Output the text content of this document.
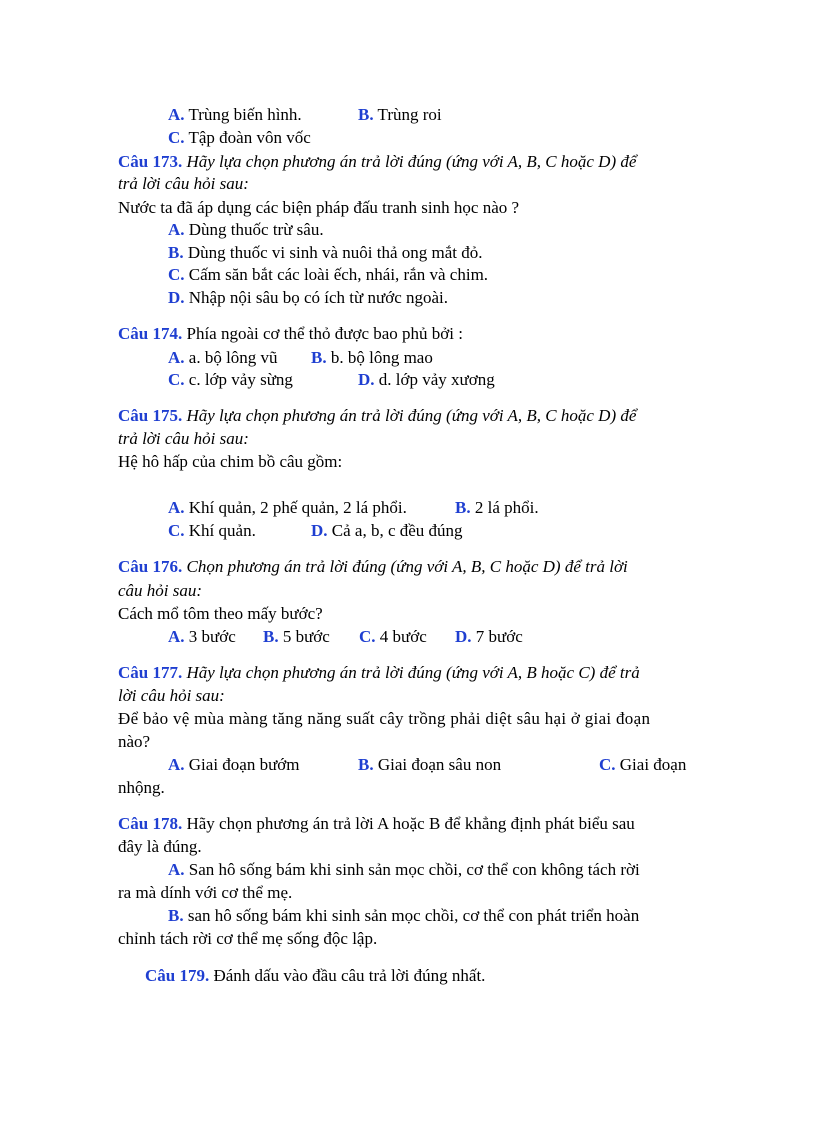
A. Trùng biến hình.	B. Trùng roi
C. Tập đoàn vôn vốc
Câu 173. Hãy lựa chọn phương án trả lời đúng (ứng với A, B, C hoặc D) để
trả lời câu hỏi sau:
Nước ta đã áp dụng các biện pháp đấu tranh sinh học nào ?
A. Dùng thuốc trừ sâu.
B. Dùng thuốc vi sinh và nuôi thả ong mắt đỏ.
C. Cấm săn bắt các loài ếch, nhái, rắn và chim.
D. Nhập nội sâu bọ có ích từ nước ngoài.
Câu 174. Phía ngoài cơ thể thỏ được bao phủ bởi :
A. a. bộ lông vũ B. b. bộ lông mao
C. c. lớp vảy sừng	D. d. lớp vảy xương
Câu 175. Hãy lựa chọn phương án trả lời đúng (ứng với A, B, C hoặc D) để
trả lời câu hỏi sau:
Hệ hô hấp của chim bồ câu gồm:
A. Khí quản, 2 phế quản, 2 lá phổi.	B. 2 lá phổi.
C. Khí quản.	D. Cả a, b, c đều đúng
Câu 176. Chọn phương án trả lời đúng (ứng với A, B, C hoặc D) để trả lời
câu hỏi sau:
Cách mổ tôm theo mấy bước?
A. 3 bước B. 5 bước C. 4 bước D. 7 bước
Câu 177. Hãy lựa chọn phương án trả lời đúng (ứng với A, B hoặc C) để trả
lời câu hỏi sau:
Để bảo vệ mùa màng tăng năng suất cây trồng phải diệt sâu hại ở giai đoạn
nào?
A. Giai đoạn bướm	B. Giai đoạn sâu non	C. Giai đoạn
nhộng.
Câu 178. Hãy chọn phương án trả lời A hoặc B để khẳng định phát biểu sau
đây là đúng.
A. San hô sống bám khi sinh sản mọc chồi, cơ thể con không tách rời
ra mà dính với cơ thể mẹ.
B. san hô sống bám khi sinh sản mọc chồi, cơ thể con phát triển hoàn
chỉnh tách rời cơ thể mẹ sống độc lập.
Câu 179. Đánh dấu vào đầu câu trả lời đúng nhất.
